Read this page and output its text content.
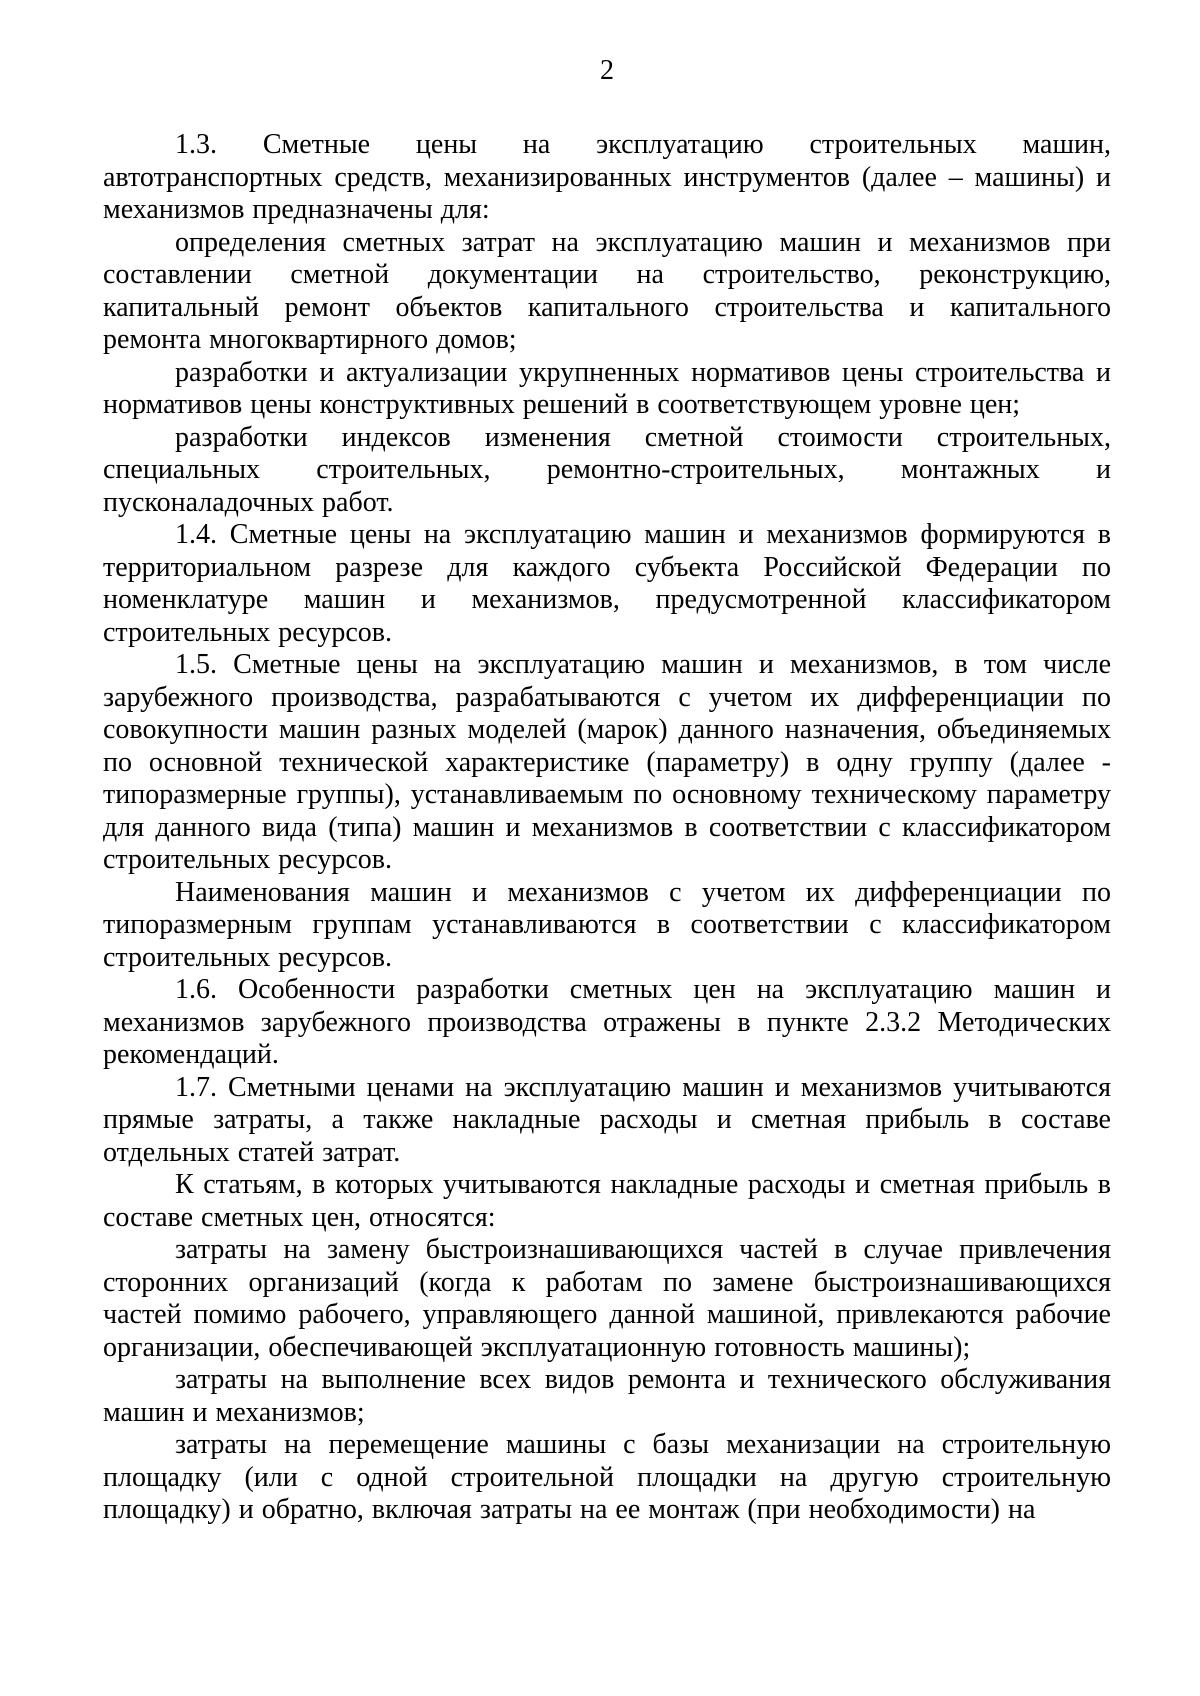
2

1.3. Сметные цены на эксплуатацию строительных машин, автотранспортных средств, механизированных инструментов (далее – машины) и механизмов предназначены для:

определения сметных затрат на эксплуатацию машин и механизмов при составлении сметной документации на строительство, реконструкцию, капитальный ремонт объектов капитального строительства и капитального ремонта многоквартирного домов;

разработки и актуализации укрупненных нормативов цены строительства и нормативов цены конструктивных решений в соответствующем уровне цен;

разработки индексов изменения сметной стоимости строительных, специальных строительных, ремонтно-строительных, монтажных и пусконаладочных работ.

1.4. Сметные цены на эксплуатацию машин и механизмов формируются в территориальном разрезе для каждого субъекта Российской Федерации по номенклатуре машин и механизмов, предусмотренной классификатором строительных ресурсов.

1.5. Сметные цены на эксплуатацию машин и механизмов, в том числе зарубежного производства, разрабатываются с учетом их дифференциации по совокупности машин разных моделей (марок) данного назначения, объединяемых по основной технической характеристике (параметру) в одну группу (далее - типоразмерные группы), устанавливаемым по основному техническому параметру для данного вида (типа) машин и механизмов в соответствии с классификатором строительных ресурсов.

Наименования машин и механизмов с учетом их дифференциации по типоразмерным группам устанавливаются в соответствии с классификатором строительных ресурсов.

1.6. Особенности разработки сметных цен на эксплуатацию машин и механизмов зарубежного производства отражены в пункте 2.3.2 Методических рекомендаций.

1.7. Сметными ценами на эксплуатацию машин и механизмов учитываются прямые затраты, а также накладные расходы и сметная прибыль в составе отдельных статей затрат.

К статьям, в которых учитываются накладные расходы и сметная прибыль в составе сметных цен, относятся:

затраты на замену быстроизнашивающихся частей в случае привлечения сторонних организаций (когда к работам по замене быстроизнашивающихся частей помимо рабочего, управляющего данной машиной, привлекаются рабочие организации, обеспечивающей эксплуатационную готовность машины);

затраты на выполнение всех видов ремонта и технического обслуживания машин и механизмов;

затраты на перемещение машины с базы механизации на строительную площадку (или с одной строительной площадки на другую строительную площадку) и обратно, включая затраты на ее монтаж (при необходимости) на
